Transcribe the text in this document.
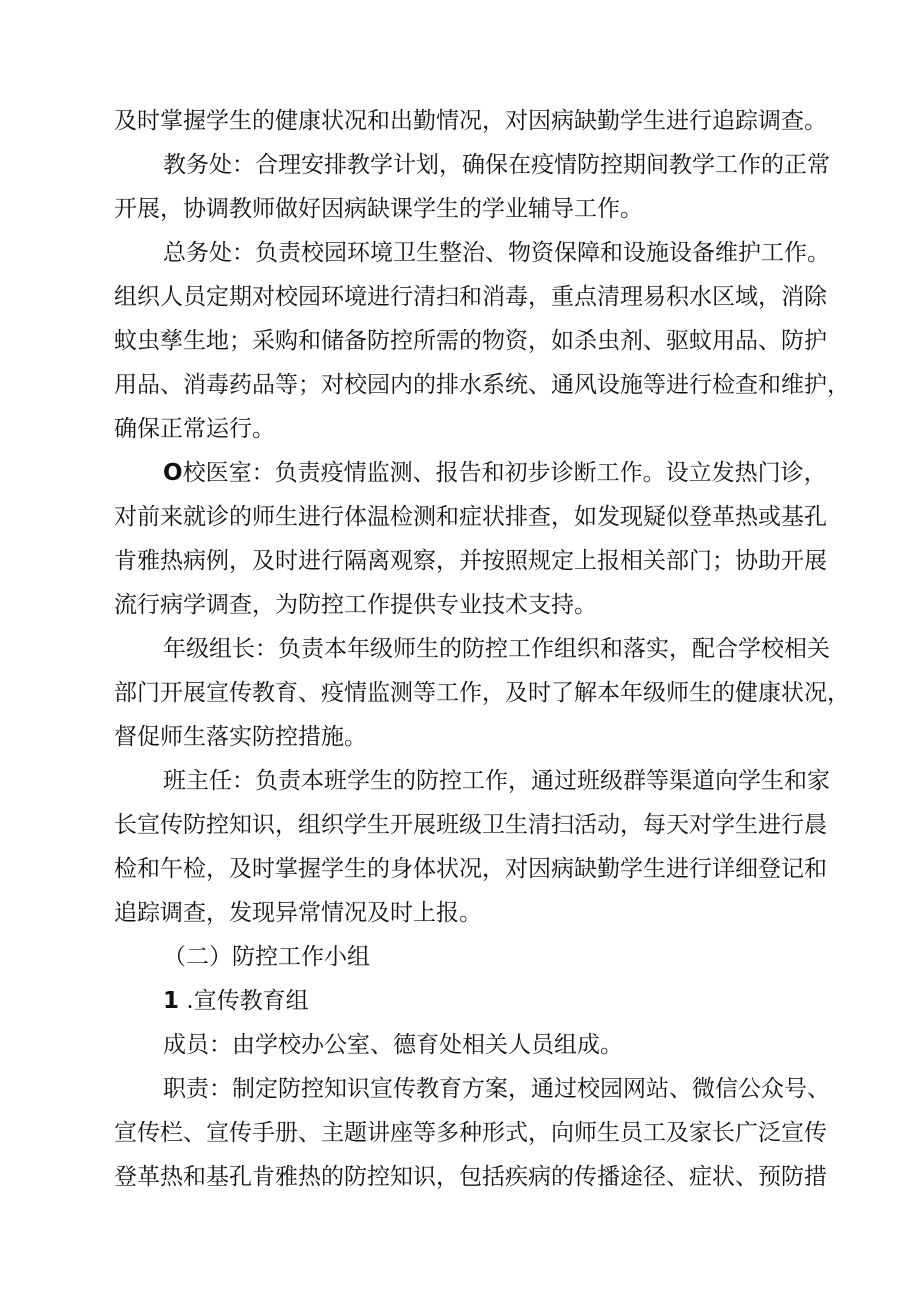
及时掌握学生的健康状况和出勤情况，对因病缺勤学生进行追踪调查。
教务处：合理安排教学计划，确保在疫情防控期间教学工作的正常
开展，协调教师做好因病缺课学生的学业辅导工作。
总务处：负责校园环境卫生整治、物资保障和设施设备维护工作。
组织人员定期对校园环境进行清扫和消毒，重点清理易积水区域，消除
蚊虫孳生地；采购和储备防控所需的物资，如杀虫剂、驱蚊用品、防护
用品、消毒药品等；对校园内的排水系统、通风设施等进行检查和维护，
确保正常运行。
O校医室：负责疫情监测、报告和初步诊断工作。设立发热门诊，
对前来就诊的师生进行体温检测和症状排查，如发现疑似登革热或基孔
肯雅热病例，及时进行隔离观察，并按照规定上报相关部门；协助开展
流行病学调查，为防控工作提供专业技术支持。
年级组长：负责本年级师生的防控工作组织和落实，配合学校相关
部门开展宣传教育、疫情监测等工作，及时了解本年级师生的健康状况，
督促师生落实防控措施。
班主任：负责本班学生的防控工作，通过班级群等渠道向学生和家
长宣传防控知识，组织学生开展班级卫生清扫活动，每天对学生进行晨
检和午检，及时掌握学生的身体状况，对因病缺勤学生进行详细登记和
追踪调查，发现异常情况及时上报。
（二）防控工作小组
1 .宣传教育组
成员：由学校办公室、德育处相关人员组成。
职责：制定防控知识宣传教育方案，通过校园网站、微信公众号、
宣传栏、宣传手册、主题讲座等多种形式，向师生员工及家长广泛宣传
登革热和基孔肯雅热的防控知识，包括疾病的传播途径、症状、预防措
